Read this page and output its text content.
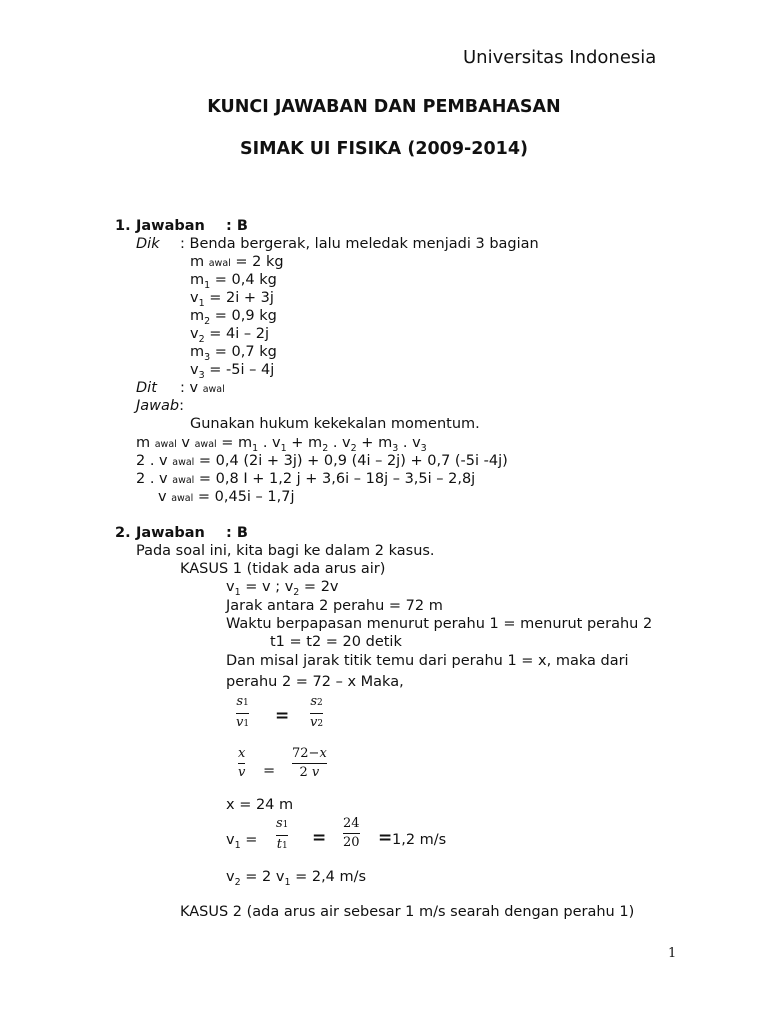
Universitas Indonesia
KUNCI JAWABAN DAN PEMBAHASAN
SIMAK UI FISIKA (2009-2014)
1. Jawaban : B
Dik : Benda bergerak, lalu meledak menjadi 3 bagian
m awal = 2 kg
$m_1 = 0,4$ kg
$v_1 = 2i + 3j$
$m_2 = 0,9$ kg
$v_2 = 4i - 2j$
$m_3 = 0,7$ kg
$v_3 = -5i - 4j$
Dit : v awal
Jawab:
Gunakan hukum kekekalan momentum.
m awal v awal = $m_1$ . $v_1 + m_2$ . $v_2 + m_3$ . $v_3$
2 . v awal = 0,4 (2i + 3j) + 0,9 (4i – 2j) + 0,7 (-5i -4j)
2 . v awal = 0,8 I + 1,2 j + 3,6i – 18j – 3,5i – 2,8j
v awal = 0,45i – 1,7j
2. Jawaban : B
Pada soal ini, kita bagi ke dalam 2 kasus.
KASUS 1 (tidak ada arus air)
$v_1 = v$ ; $v_2 = 2v$
Jarak antara 2 perahu = 72 m
Waktu berpapasan menurut perahu 1 = menurut perahu 2
t1 = t2 = 20 detik
Dan misal jarak titik temu dari perahu 1 = x, maka dari
perahu 2 = 72 – x Maka,
s1
v1 =
s2
v2
x
v =
72−x
2 v
x = 24 m
$v_1$ =
s1
t1 =
24
20 = 1,2 m/s
$v_2 = 2$ $v_1 = 2,4$ m/s
KASUS 2 (ada arus air sebesar 1 m/s searah dengan perahu 1)
1
